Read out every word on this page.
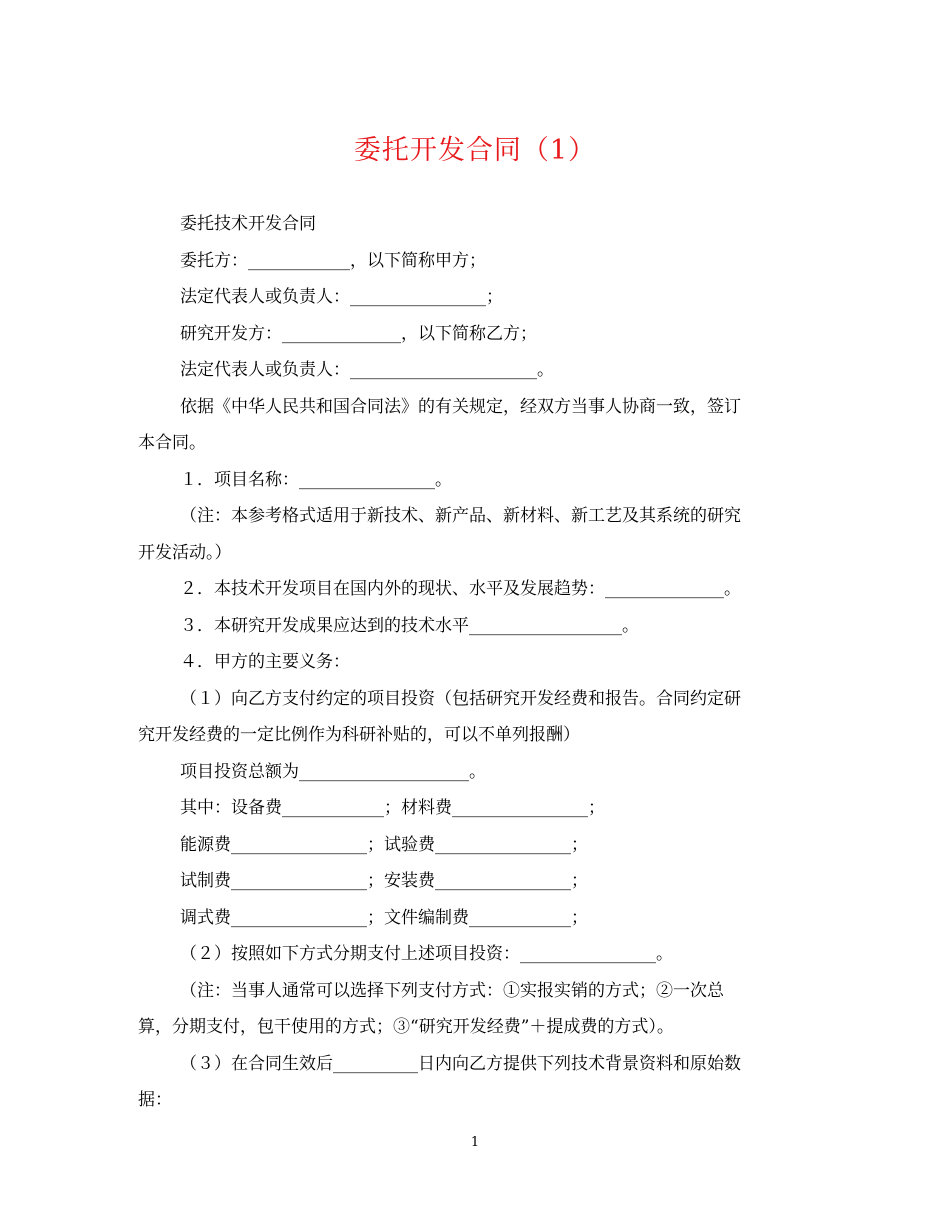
委托开发合同（1）

委托技术开发合同

委托方：____________，以下简称甲方；

法定代表人或负责人：________________；

研究开发方：______________，以下简称乙方；

法定代表人或负责人：______________________。

依据《中华人民共和国合同法》的有关规定，经双方当事人协商一致，签订
本合同。

１．项目名称：________________。

（注：本参考格式适用于新技术、新产品、新材料、新工艺及其系统的研究
开发活动。）

２．本技术开发项目在国内外的现状、水平及发展趋势：______________。

３．本研究开发成果应达到的技术水平__________________。

４．甲方的主要义务：

（１）向乙方支付约定的项目投资（包括研究开发经费和报告。合同约定研
究开发经费的一定比例作为科研补贴的，可以不单列报酬）

项目投资总额为____________________。

其中：设备费____________；材料费________________；

能源费________________；试验费________________；

试制费________________；安装费________________；

调式费________________；文件编制费____________；

（２）按照如下方式分期支付上述项目投资：________________。

（注：当事人通常可以选择下列支付方式：①实报实销的方式；②一次总
算，分期支付，包干使用的方式；③“研究开发经费”＋提成费的方式）。

（３）在合同生效后__________日内向乙方提供下列技术背景资料和原始数
据：

1
